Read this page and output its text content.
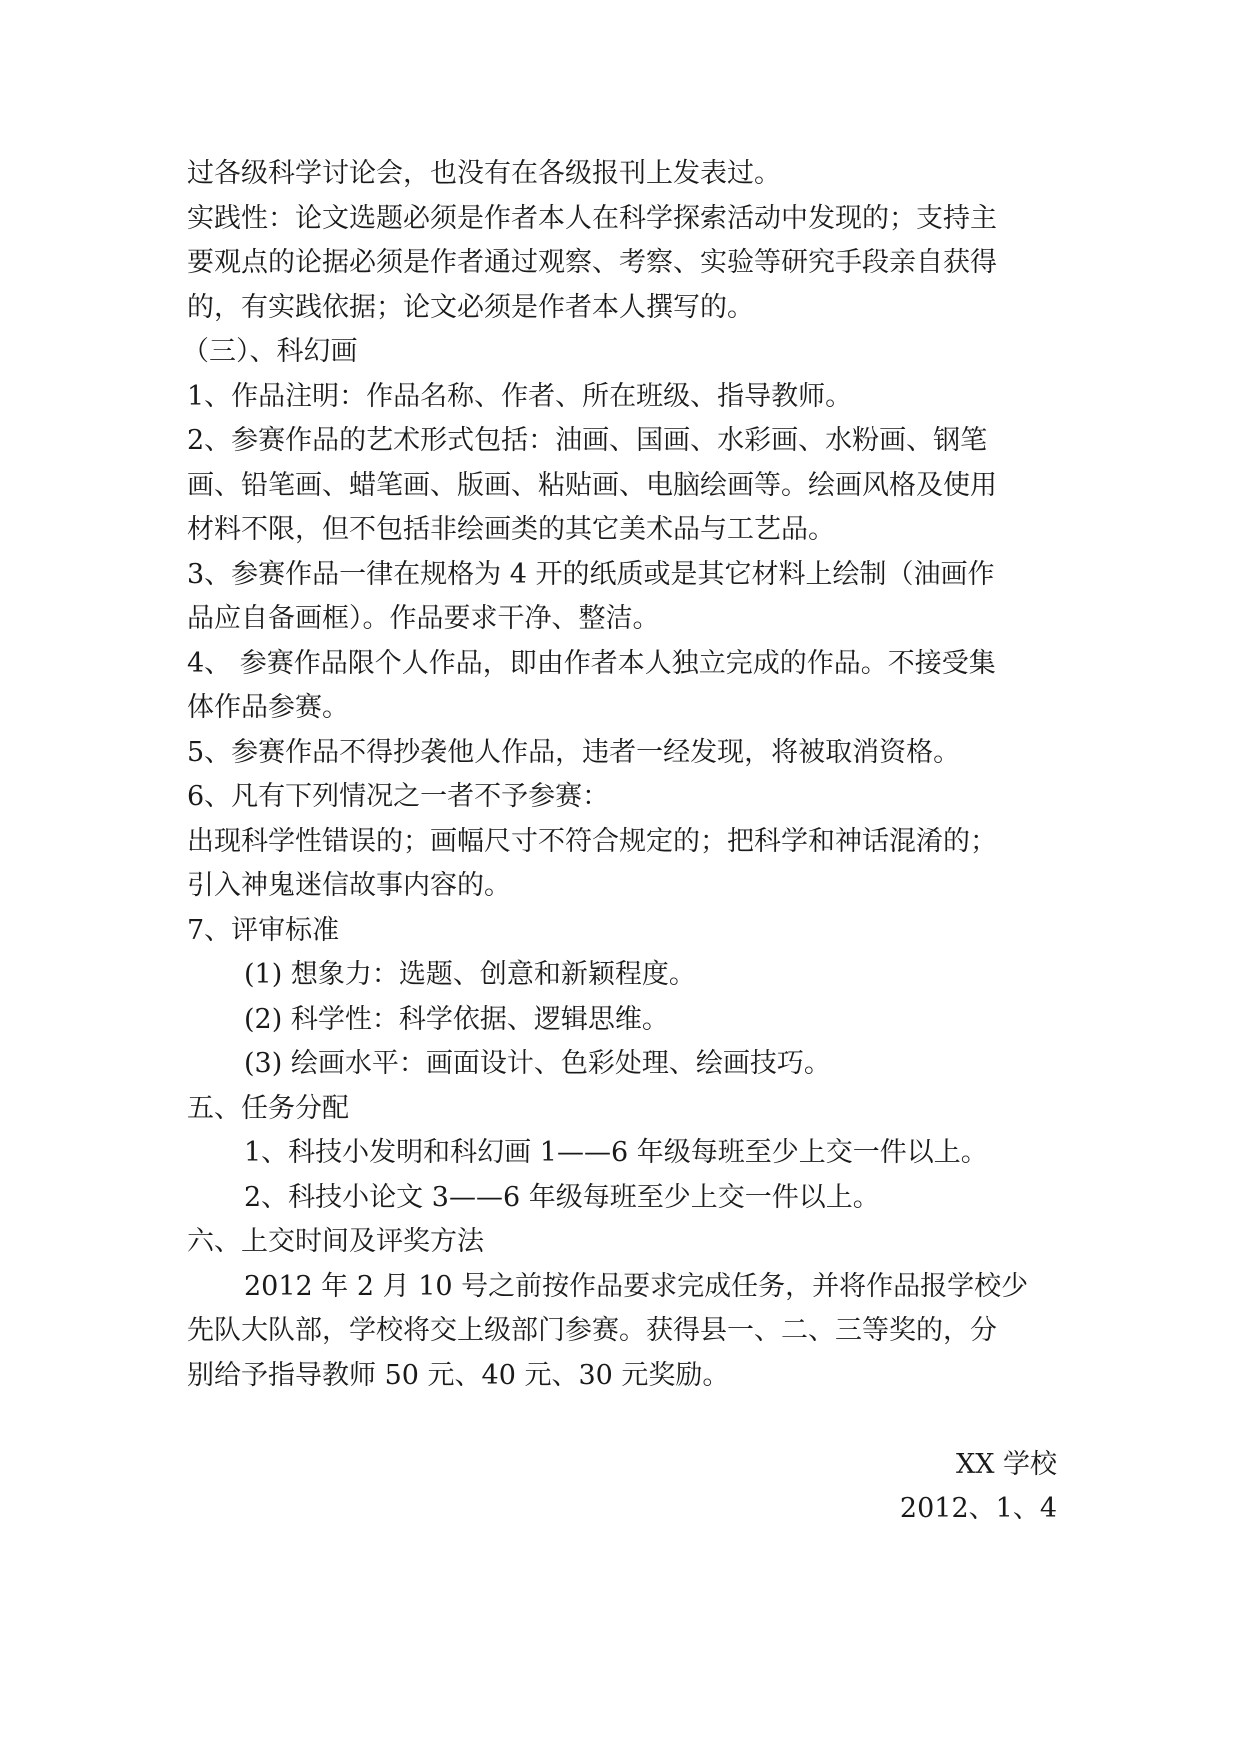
过各级科学讨论会，也没有在各级报刊上发表过。
实践性：论文选题必须是作者本人在科学探索活动中发现的；支持主
要观点的论据必须是作者通过观察、考察、实验等研究手段亲自获得
的，有实践依据；论文必须是作者本人撰写的。
（三）、科幻画
1、作品注明：作品名称、作者、所在班级、指导教师。
2、参赛作品的艺术形式包括：油画、国画、水彩画、水粉画、钢笔
画、铅笔画、蜡笔画、版画、粘贴画、电脑绘画等。绘画风格及使用
材料不限，但不包括非绘画类的其它美术品与工艺品。
3、参赛作品一律在规格为 4 开的纸质或是其它材料上绘制（油画作
品应自备画框）。作品要求干净、整洁。
4、 参赛作品限个人作品，即由作者本人独立完成的作品。不接受集
体作品参赛。
5、参赛作品不得抄袭他人作品，违者一经发现，将被取消资格。
6、凡有下列情况之一者不予参赛：
出现科学性错误的；画幅尺寸不符合规定的；把科学和神话混淆的；
引入神鬼迷信故事内容的。
7、评审标准
(1) 想象力：选题、创意和新颖程度。
(2) 科学性：科学依据、逻辑思维。
(3) 绘画水平：画面设计、色彩处理、绘画技巧。
五、任务分配
1、科技小发明和科幻画 1——6 年级每班至少上交一件以上。
2、科技小论文 3——6 年级每班至少上交一件以上。
六、上交时间及评奖方法
2012 年 2 月 10 号之前按作品要求完成任务，并将作品报学校少
先队大队部，学校将交上级部门参赛。获得县一、二、三等奖的，分
别给予指导教师 50 元、40 元、30 元奖励。
XX 学校
2012、1、4
